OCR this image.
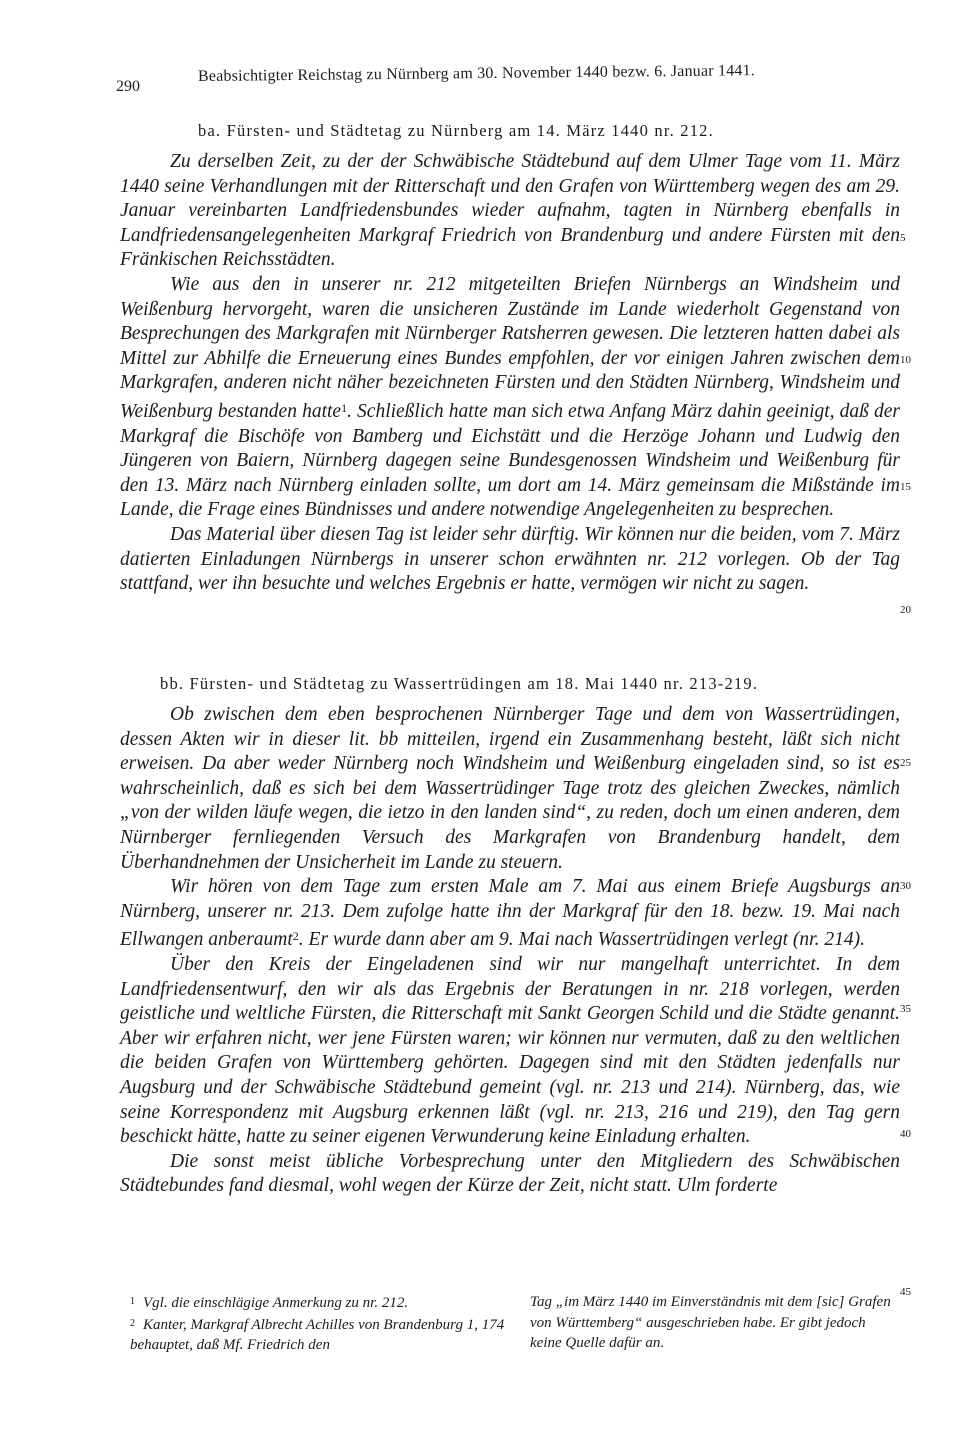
290
Beabsichtigter Reichstag zu Nürnberg am 30. November 1440 bezw. 6. Januar 1441.
ba. Fürsten- und Städtetag zu Nürnberg am 14. März 1440 nr. 212.

Zu derselben Zeit, zu der der Schwäbische Städtebund auf dem Ulmer Tage vom 11. März 1440 seine Verhandlungen mit der Ritterschaft und den Grafen von Württemberg wegen des am 29. Januar vereinbarten Landfriedensbundes wieder aufnahm, tagten in Nürnberg ebenfalls in Landfriedensangelegenheiten Markgraf Friedrich von Brandenburg und andere Fürsten mit den Fränkischen Reichsstädten.

Wie aus den in unserer nr. 212 mitgeteilten Briefen Nürnbergs an Windsheim und Weißenburg hervorgeht, waren die unsicheren Zustände im Lande wiederholt Gegenstand von Besprechungen des Markgrafen mit Nürnberger Ratsherren gewesen. Die letzteren hatten dabei als Mittel zur Abhilfe die Erneuerung eines Bundes empfohlen, der vor einigen Jahren zwischen dem Markgrafen, anderen nicht näher bezeichneten Fürsten und den Städten Nürnberg, Windsheim und Weißenburg bestanden hatte$^1$. Schließlich hatte man sich etwa Anfang März dahin geeinigt, daß der Markgraf die Bischöfe von Bamberg und Eichstätt und die Herzöge Johann und Ludwig den Jüngeren von Baiern, Nürnberg dagegen seine Bundesgenossen Windsheim und Weißenburg für den 13. März nach Nürnberg einladen sollte, um dort am 14. März gemeinsam die Mißstände im Lande, die Frage eines Bündnisses und andere notwendige Angelegenheiten zu besprechen.

Das Material über diesen Tag ist leider sehr dürftig. Wir können nur die beiden, vom 7. März datierten Einladungen Nürnbergs in unserer schon erwähnten nr. 212 vorlegen. Ob der Tag stattfand, wer ihn besuchte und welches Ergebnis er hatte, vermögen wir nicht zu sagen.

bb. Fürsten- und Städtetag zu Wassertrüdingen am 18. Mai 1440 nr. 213-219.

Ob zwischen dem eben besprochenen Nürnberger Tage und dem von Wassertrüdingen, dessen Akten wir in dieser lit. bb mitteilen, irgend ein Zusammenhang besteht, läßt sich nicht erweisen. Da aber weder Nürnberg noch Windsheim und Weißenburg eingeladen sind, so ist es wahrscheinlich, daß es sich bei dem Wassertrüdinger Tage trotz des gleichen Zweckes, nämlich „von der wilden läufe wegen, die ietzo in den landen sind“, zu reden, doch um einen anderen, dem Nürnberger fernliegenden Versuch des Markgrafen von Brandenburg handelt, dem Überhandnehmen der Unsicherheit im Lande zu steuern.

Wir hören von dem Tage zum ersten Male am 7. Mai aus einem Briefe Augsburgs an Nürnberg, unserer nr. 213. Dem zufolge hatte ihn der Markgraf für den 18. bezw. 19. Mai nach Ellwangen anberaumt$^2$. Er wurde dann aber am 9. Mai nach Wassertrüdingen verlegt (nr. 214).

Über den Kreis der Eingeladenen sind wir nur mangelhaft unterrichtet. In dem Landfriedensentwurf, den wir als das Ergebnis der Beratungen in nr. 218 vorlegen, werden geistliche und weltliche Fürsten, die Ritterschaft mit Sankt Georgen Schild und die Städte genannt. Aber wir erfahren nicht, wer jene Fürsten waren; wir können nur vermuten, daß zu den weltlichen die beiden Grafen von Württemberg gehörten. Dagegen sind mit den Städten jedenfalls nur Augsburg und der Schwäbische Städtebund gemeint (vgl. nr. 213 und 214). Nürnberg, das, wie seine Korrespondenz mit Augsburg erkennen läßt (vgl. nr. 213, 216 und 219), den Tag gern beschickt hätte, hatte zu seiner eigenen Verwunderung keine Einladung erhalten.

Die sonst meist übliche Vorbesprechung unter den Mitgliedern des Schwäbischen Städtebundes fand diesmal, wohl wegen der Kürze der Zeit, nicht statt. Ulm forderte

5
10
15
20
25
30
35
40
45

$^1$ Vgl. die einschlägige Anmerkung zu nr. 212.

$^2$ Kanter, Markgraf Albrecht Achilles von Brandenburg 1, 174 behauptet, daß Mf. Friedrich den

Tag „im März 1440 im Einverständnis mit dem [sic] Grafen von Württemberg“ ausgeschrieben habe. Er gibt jedoch keine Quelle dafür an.
